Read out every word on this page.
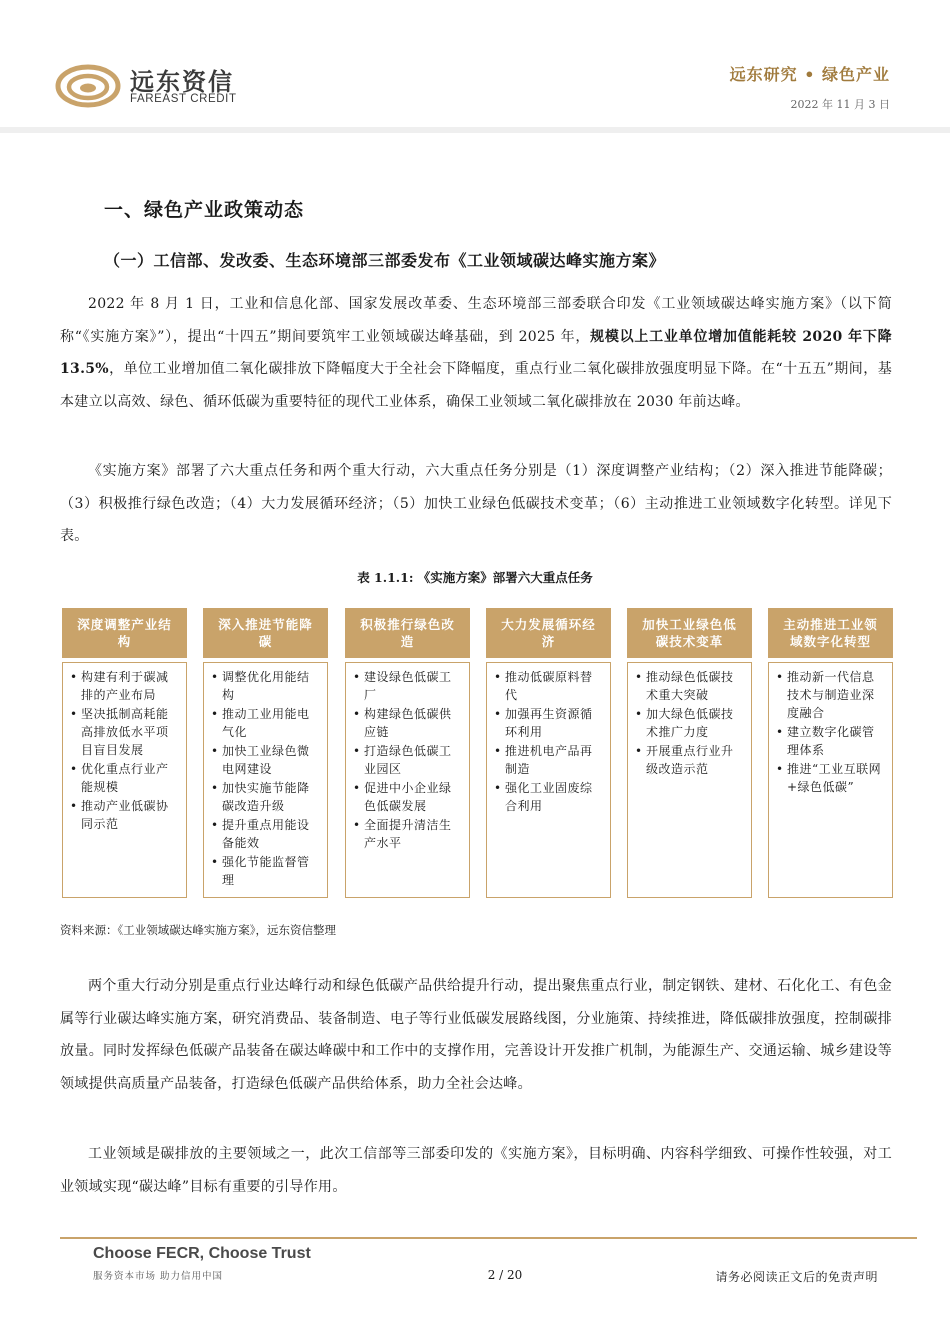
远东资信
FAREAST CREDIT
远东研究 • 绿色产业
2022 年 11 月 3 日
一、绿色产业政策动态
（一）工信部、发改委、生态环境部三部委发布《工业领域碳达峰实施方案》

2022 年 8 月 1 日，工业和信息化部、国家发展改革委、生态环境部三部委联合印发《工业领域碳达峰实施方案》（以下简称“《实施方案》”），提出“十四五”期间要筑牢工业领域碳达峰基础，到 2025 年，规模以上工业单位增加值能耗较 2020 年下降 13.5%，单位工业增加值二氧化碳排放下降幅度大于全社会下降幅度，重点行业二氧化碳排放强度明显下降。在“十五五”期间，基本建立以高效、绿色、循环低碳为重要特征的现代工业体系，确保工业领域二氧化碳排放在 2030 年前达峰。

《实施方案》部署了六大重点任务和两个重大行动，六大重点任务分别是（1）深度调整产业结构；（2）深入推进节能降碳；（3）积极推行绿色改造；（4）大力发展循环经济；（5）加快工业绿色低碳技术变革；（6）主动推进工业领域数字化转型。详见下表。

表 1.1.1: 《实施方案》部署六大重点任务
深度调整产业结构
• 构建有利于碳减排的产业布局
• 坚决抵制高耗能高排放低水平项目盲目发展
• 优化重点行业产能规模
• 推动产业低碳协同示范
深入推进节能降碳
• 调整优化用能结构
• 推动工业用能电气化
• 加快工业绿色微电网建设
• 加快实施节能降碳改造升级
• 提升重点用能设备能效
• 强化节能监督管理
积极推行绿色改造
• 建设绿色低碳工厂
• 构建绿色低碳供应链
• 打造绿色低碳工业园区
• 促进中小企业绿色低碳发展
• 全面提升清洁生产水平
大力发展循环经济
• 推动低碳原料替代
• 加强再生资源循环利用
• 推进机电产品再制造
• 强化工业固废综合利用
加快工业绿色低碳技术变革
• 推动绿色低碳技术重大突破
• 加大绿色低碳技术推广力度
• 开展重点行业升级改造示范
主动推进工业领域数字化转型
• 推动新一代信息技术与制造业深度融合
• 建立数字化碳管理体系
• 推进“工业互联网+绿色低碳”
资料来源：《工业领域碳达峰实施方案》，远东资信整理

两个重大行动分别是重点行业达峰行动和绿色低碳产品供给提升行动，提出聚焦重点行业，制定钢铁、建材、石化化工、有色金属等行业碳达峰实施方案，研究消费品、装备制造、电子等行业低碳发展路线图，分业施策、持续推进，降低碳排放强度，控制碳排放量。同时发挥绿色低碳产品装备在碳达峰碳中和工作中的支撑作用，完善设计开发推广机制，为能源生产、交通运输、城乡建设等领域提供高质量产品装备，打造绿色低碳产品供给体系，助力全社会达峰。

工业领域是碳排放的主要领域之一，此次工信部等三部委印发的《实施方案》，目标明确、内容科学细致、可操作性较强，对工业领域实现“碳达峰”目标有重要的引导作用。

Choose FECR, Choose Trust
服务资本市场 助力信用中国	2 / 20	请务必阅读正文后的免责声明
